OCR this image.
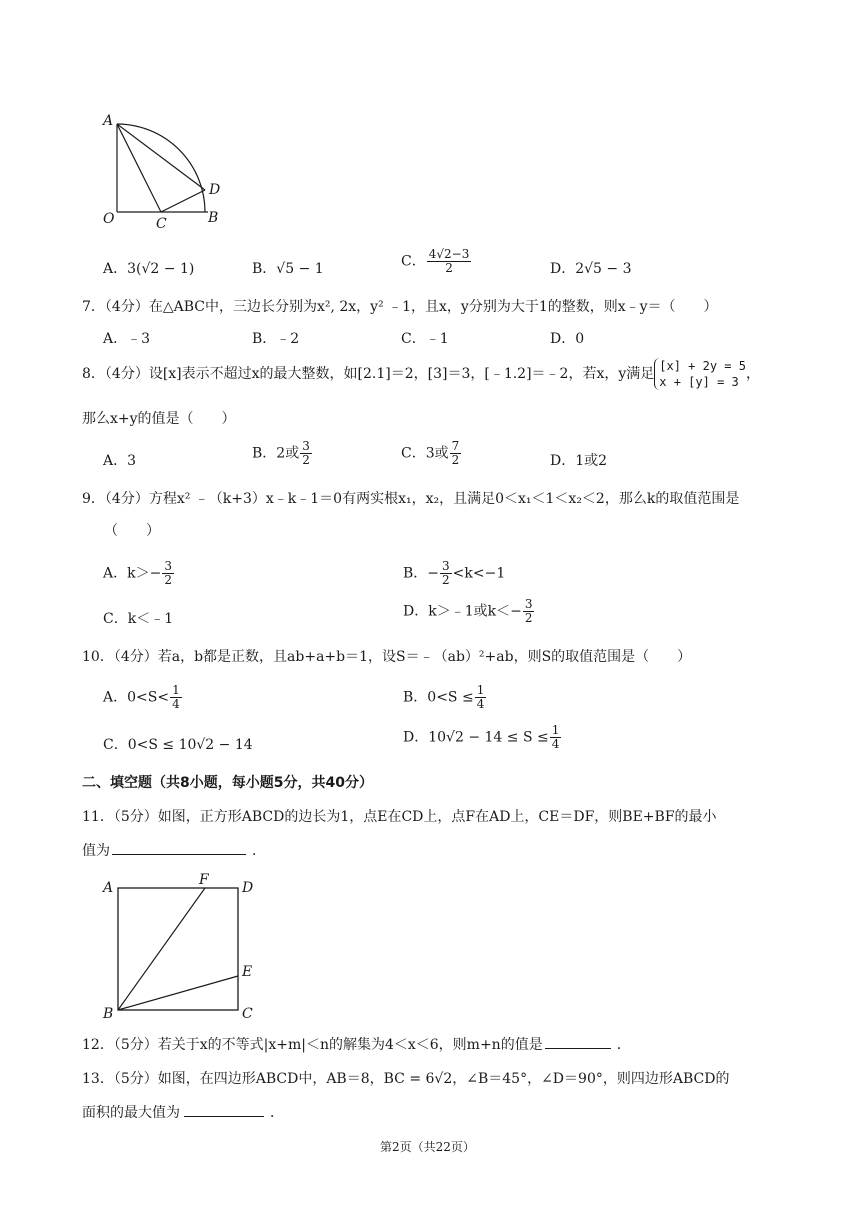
A
D
O	C	B
A．3(√2 − 1)	B．√5 − 1	C． $\frac{4√2-3}{2}$	D．2√5 − 3
7．（4分）在△ABC中，三边长分别为x², 2x，y² ﹣1，且x，y分别为大于1的整数，则x﹣y＝（　　）
A．﹣3	B．﹣2	C．﹣1	D．0
8．（4分）设[x]表示不超过x的最大整数，如[2.1]＝2，[3]＝3，[﹣1.2]＝﹣2，若x，y满足 [x] + 2y = 5
x + [y] = 3 ，
那么x+y的值是（　　）
A．3	B．2或 $\frac{3}{2}$	C．3或 $\frac{7}{2}$	D．1或2
9．（4分）方程x² ﹣（k+3）x﹣k﹣1＝0有两实根x₁，x₂，且满足0＜x₁＜1＜x₂＜2，那么k的取值范围是
（　　）
A．$k>- \frac{3}{2}$	B．− $\frac{3}{2} <k<-1$
C．k＜﹣1	D．k＞﹣1或$k<- \frac{3}{2}$
10．（4分）若a，b都是正数，且ab+a+b＝1，设S＝﹣（ab）²+ab，则S的取值范围是（　　）
A．$0<S< \frac{1}{4}$	B．$0<S \le \frac{1}{4}$
C．0<S ≤ 10√2 − 14	D．$10√2 - 14 \le S \le \frac{1}{4}$
二、填空题（共8小题，每小题5分，共40分）
11．（5分）如图，正方形ABCD的边长为1，点E在CD上，点F在AD上，CE＝DF，则BE+BF的最小
值为	．
A	F D
E
B	C
12．（5分）若关于x的不等式|x+m|＜n的解集为4＜x＜6，则m+n的值是	．
13．（5分）如图，在四边形ABCD中，AB＝8，BC = 6√2，∠B＝45°，∠D＝90°，则四边形ABCD的
面积的最大值为	．
第2页（共22页）
